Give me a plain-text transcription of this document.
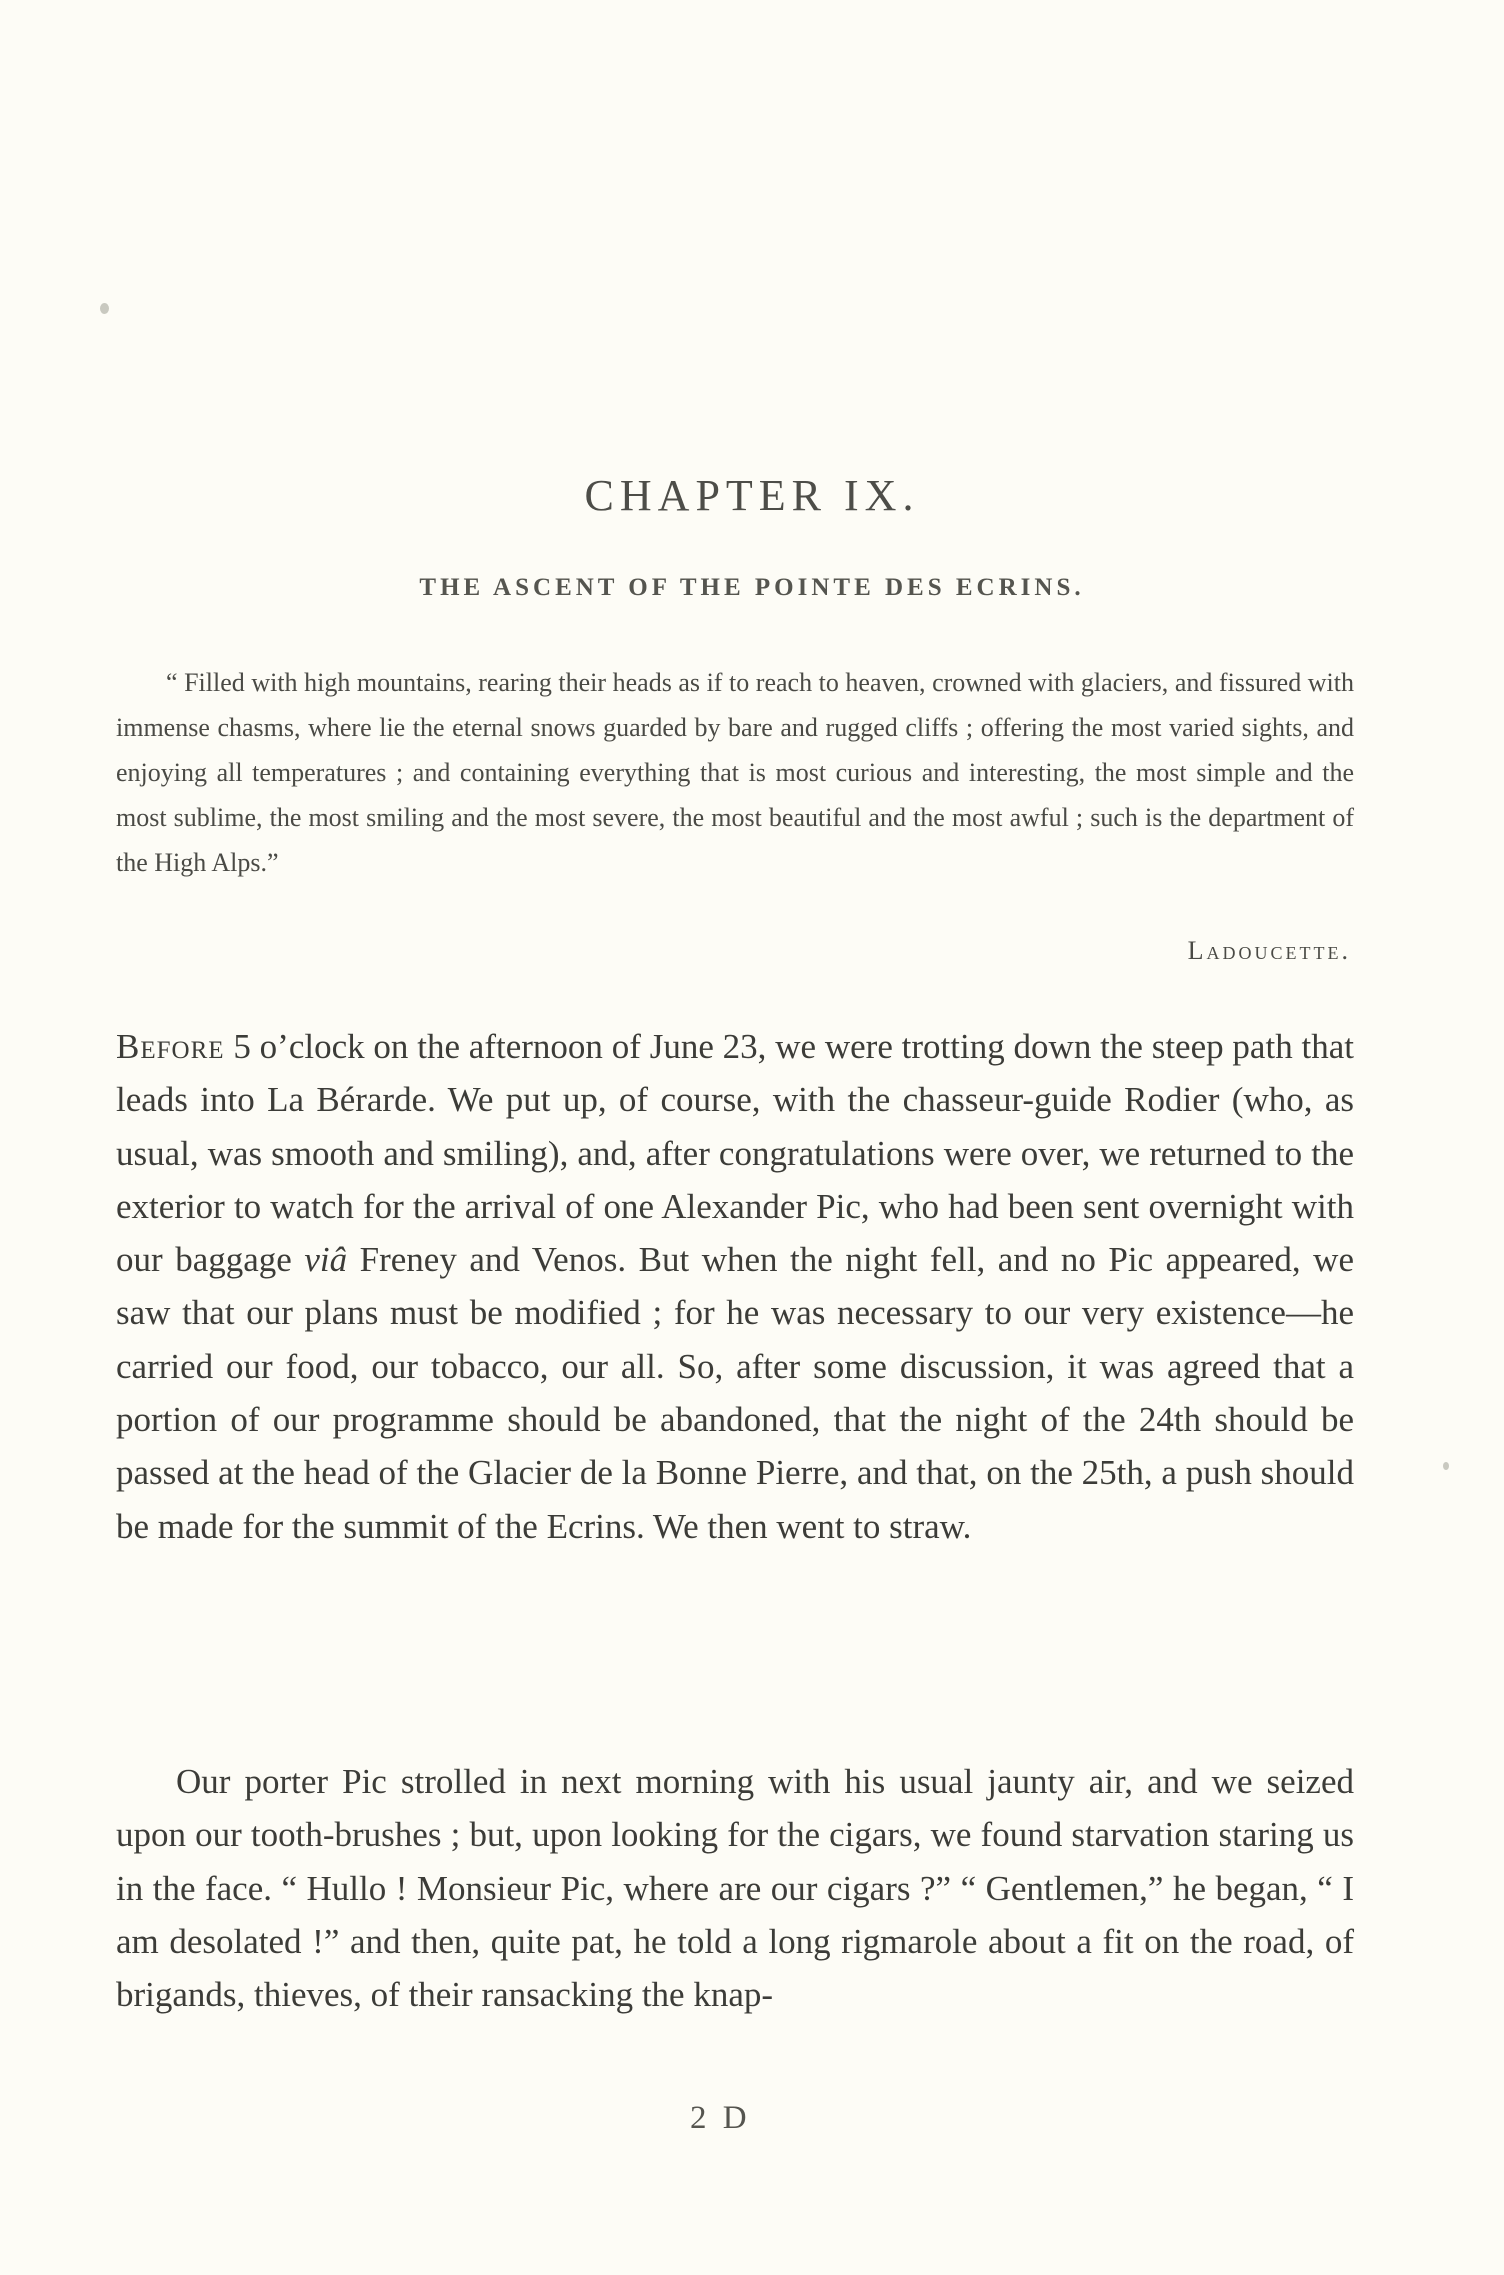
CHAPTER IX.
THE ASCENT OF THE POINTE DES ECRINS.

“ Filled with high mountains, rearing their heads as if to reach to heaven, crowned with glaciers, and fissured with immense chasms, where lie the eternal snows guarded by bare and rugged cliffs ; offering the most varied sights, and enjoying all temperatures ; and containing everything that is most curious and interesting, the most simple and the most sublime, the most smiling and the most severe, the most beautiful and the most awful ; such is the department of the High Alps.”

Ladoucette.

Before 5 o’clock on the afternoon of June 23, we were trotting down the steep path that leads into La Bérarde. We put up, of course, with the chasseur-guide Rodier (who, as usual, was smooth and smiling), and, after congratulations were over, we returned to the exterior to watch for the arrival of one Alexander Pic, who had been sent overnight with our baggage viâ Freney and Venos. But when the night fell, and no Pic appeared, we saw that our plans must be modified ; for he was necessary to our very existence—he carried our food, our tobacco, our all. So, after some discussion, it was agreed that a portion of our programme should be abandoned, that the night of the 24th should be passed at the head of the Glacier de la Bonne Pierre, and that, on the 25th, a push should be made for the summit of the Ecrins. We then went to straw.

Our porter Pic strolled in next morning with his usual jaunty air, and we seized upon our tooth-brushes ; but, upon looking for the cigars, we found starvation staring us in the face. “ Hullo ! Monsieur Pic, where are our cigars ?” “ Gentlemen,” he began, “ I am desolated !” and then, quite pat, he told a long rigmarole about a fit on the road, of brigands, thieves, of their ransacking the knap-

2 D
